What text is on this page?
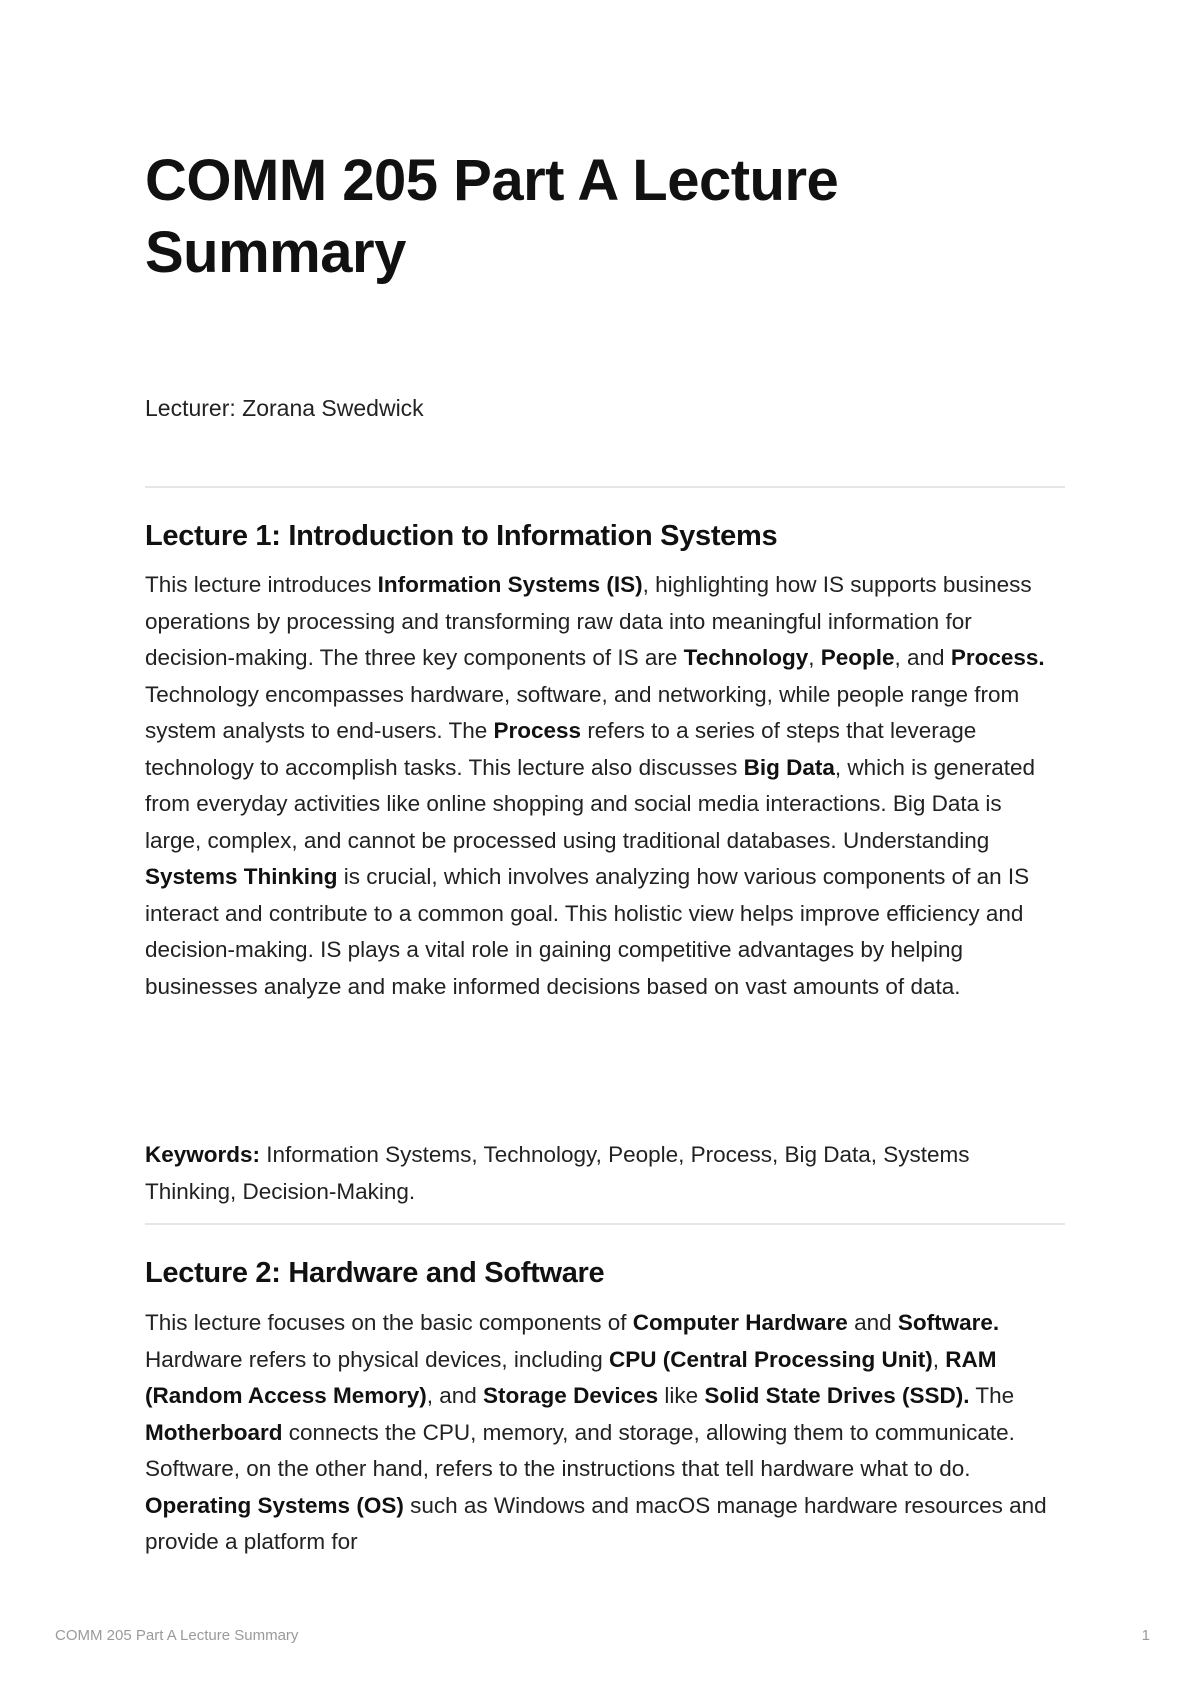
COMM 205 Part A Lecture Summary

Lecturer: Zorana Swedwick

Lecture 1: Introduction to Information Systems

This lecture introduces Information Systems (IS), highlighting how IS supports business operations by processing and transforming raw data into meaningful information for decision-making. The three key components of IS are Technology, People, and Process. Technology encompasses hardware, software, and networking, while people range from system analysts to end-users. The Process refers to a series of steps that leverage technology to accomplish tasks. This lecture also discusses Big Data, which is generated from everyday activities like online shopping and social media interactions. Big Data is large, complex, and cannot be processed using traditional databases. Understanding Systems Thinking is crucial, which involves analyzing how various components of an IS interact and contribute to a common goal. This holistic view helps improve efficiency and decision-making. IS plays a vital role in gaining competitive advantages by helping businesses analyze and make informed decisions based on vast amounts of data.

Keywords: Information Systems, Technology, People, Process, Big Data, Systems Thinking, Decision-Making.

Lecture 2: Hardware and Software

This lecture focuses on the basic components of Computer Hardware and Software. Hardware refers to physical devices, including CPU (Central Processing Unit), RAM (Random Access Memory), and Storage Devices like Solid State Drives (SSD). The Motherboard connects the CPU, memory, and storage, allowing them to communicate. Software, on the other hand, refers to the instructions that tell hardware what to do. Operating Systems (OS) such as Windows and macOS manage hardware resources and provide a platform for

COMM 205 Part A Lecture Summary	1
